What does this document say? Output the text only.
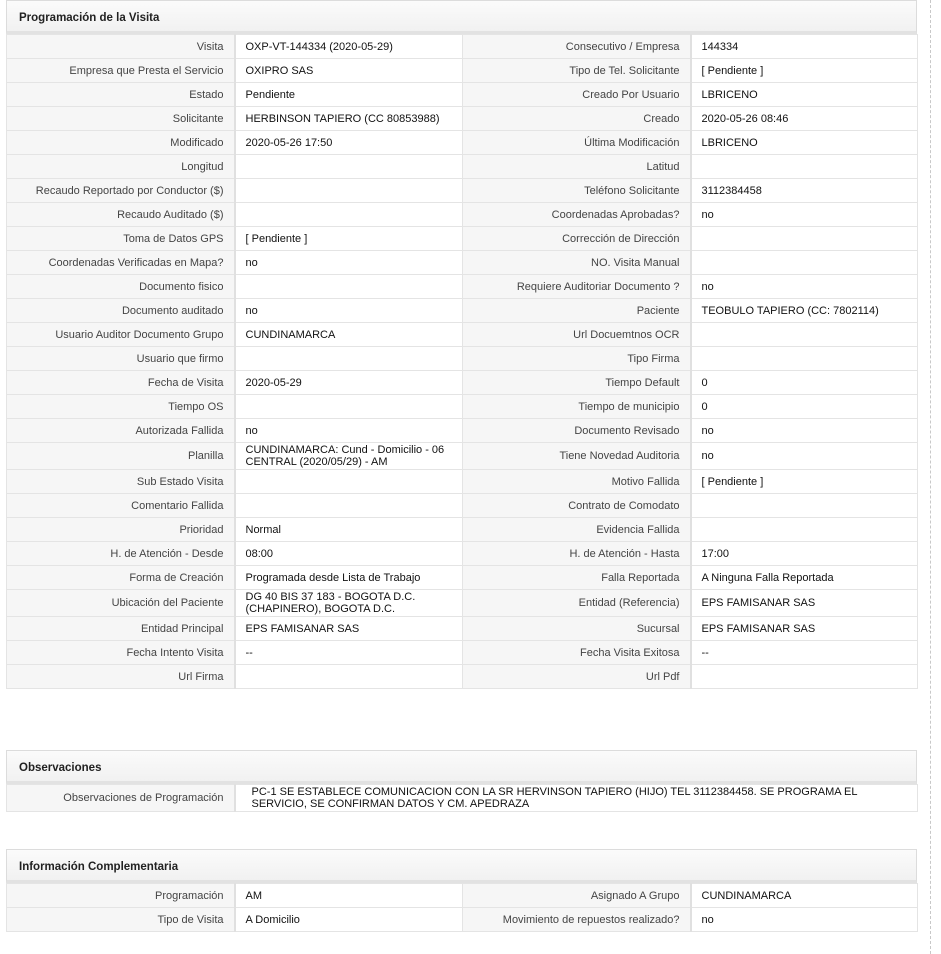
Programación de la Visita
Visita	OXP-VT-144334 (2020-05-29)	Consecutivo / Empresa	144334
Empresa que Presta el Servicio	OXIPRO SAS	Tipo de Tel. Solicitante	[ Pendiente ]
Estado	Pendiente	Creado Por Usuario	LBRICENO
Solicitante	HERBINSON TAPIERO (CC 80853988)	Creado	2020-05-26 08:46
Modificado	2020-05-26 17:50	Última Modificación	LBRICENO
Longitud		Latitud	
Recaudo Reportado por Conductor ($)		Teléfono Solicitante	3112384458
Recaudo Auditado ($)		Coordenadas Aprobadas?	no
Toma de Datos GPS	[ Pendiente ]	Corrección de Dirección	
Coordenadas Verificadas en Mapa?	no	NO. Visita Manual	
Documento fisico		Requiere Auditoriar Documento ?	no
Documento auditado	no	Paciente	TEOBULO TAPIERO (CC: 7802114)
Usuario Auditor Documento Grupo	CUNDINAMARCA	Url Docuemtnos OCR	
Usuario que firmo		Tipo Firma	
Fecha de Visita	2020-05-29	Tiempo Default	0
Tiempo OS		Tiempo de municipio	0
Autorizada Fallida	no	Documento Revisado	no
Planilla	CUNDINAMARCA: Cund - Domicilio - 06 CENTRAL (2020/05/29) - AM	Tiene Novedad Auditoria	no
Sub Estado Visita		Motivo Fallida	[ Pendiente ]
Comentario Fallida		Contrato de Comodato	
Prioridad	Normal	Evidencia Fallida	
H. de Atención - Desde	08:00	H. de Atención - Hasta	17:00
Forma de Creación	Programada desde Lista de Trabajo	Falla Reportada	A Ninguna Falla Reportada
Ubicación del Paciente	DG 40 BIS 37 183 - BOGOTA D.C. (CHAPINERO), BOGOTA D.C.	Entidad (Referencia)	EPS FAMISANAR SAS
Entidad Principal	EPS FAMISANAR SAS	Sucursal	EPS FAMISANAR SAS
Fecha Intento Visita	--	Fecha Visita Exitosa	--
Url Firma		Url Pdf	
Observaciones
Observaciones de Programación	PC-1 SE ESTABLECE COMUNICACION CON LA SR HERVINSON TAPIERO (HIJO) TEL 3112384458. SE PROGRAMA EL SERVICIO, SE CONFIRMAN DATOS Y CM. APEDRAZA
Información Complementaria
Programación	AM	Asignado A Grupo	CUNDINAMARCA
Tipo de Visita	A Domicilio	Movimiento de repuestos realizado?	no
